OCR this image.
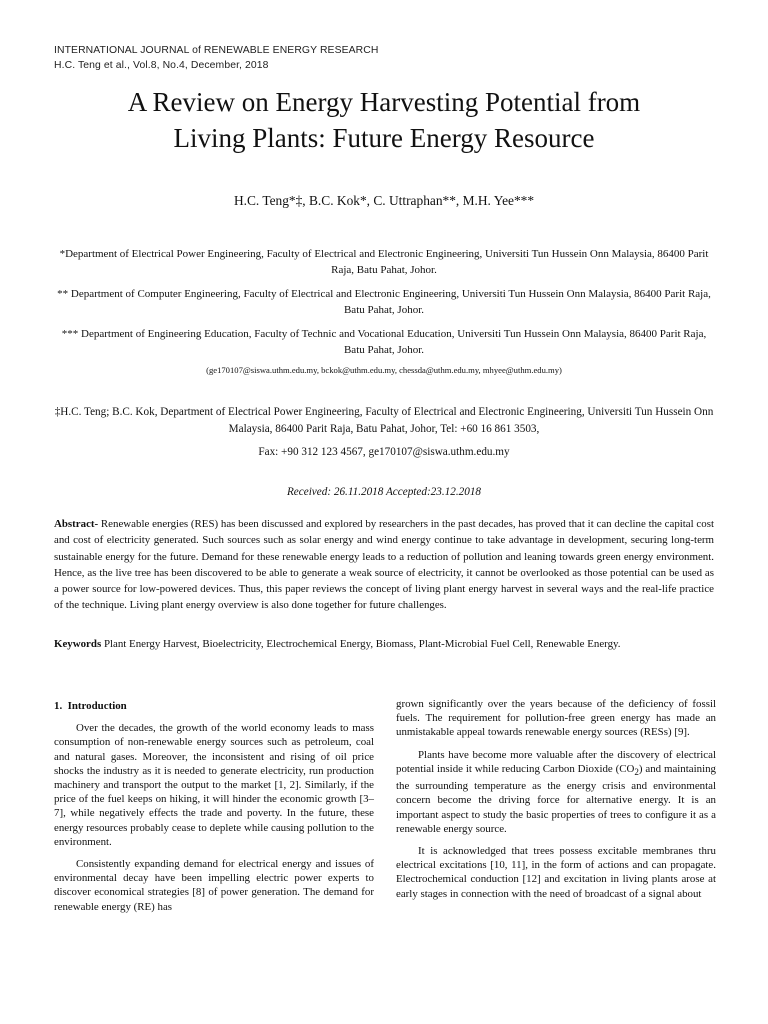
INTERNATIONAL JOURNAL of RENEWABLE ENERGY RESEARCH
H.C. Teng et al., Vol.8, No.4, December, 2018
A Review on Energy Harvesting Potential from
Living Plants: Future Energy Resource
H.C. Teng*‡, B.C. Kok*, C. Uttraphan**, M.H. Yee***
*Department of Electrical Power Engineering, Faculty of Electrical and Electronic Engineering, Universiti Tun Hussein Onn Malaysia, 86400 Parit Raja, Batu Pahat, Johor.
** Department of Computer Engineering, Faculty of Electrical and Electronic Engineering, Universiti Tun Hussein Onn Malaysia, 86400 Parit Raja, Batu Pahat, Johor.
*** Department of Engineering Education, Faculty of Technic and Vocational Education, Universiti Tun Hussein Onn Malaysia, 86400 Parit Raja, Batu Pahat, Johor.
(ge170107@siswa.uthm.edu.my, bckok@uthm.edu.my, chessda@uthm.edu.my, mhyee@uthm.edu.my)
‡H.C. Teng; B.C. Kok, Department of Electrical Power Engineering, Faculty of Electrical and Electronic Engineering, Universiti Tun Hussein Onn Malaysia, 86400 Parit Raja, Batu Pahat, Johor, Tel: +60 16 861 3503,
Fax: +90 312 123 4567, ge170107@siswa.uthm.edu.my
Received: 26.11.2018 Accepted:23.12.2018
Abstract- Renewable energies (RES) has been discussed and explored by researchers in the past decades, has proved that it can decline the capital cost and cost of electricity generated. Such sources such as solar energy and wind energy continue to take advantage in development, securing long-term sustainable energy for the future. Demand for these renewable energy leads to a reduction of pollution and leaning towards green energy environment. Hence, as the live tree has been discovered to be able to generate a weak source of electricity, it cannot be overlooked as those potential can be used as a power source for low-powered devices. Thus, this paper reviews the concept of living plant energy harvest in several ways and the real-life practice of the technique. Living plant energy overview is also done together for future challenges.
Keywords Plant Energy Harvest, Bioelectricity, Electrochemical Energy, Biomass, Plant-Microbial Fuel Cell, Renewable Energy.

1.  Introduction

Over the decades, the growth of the world economy leads to mass consumption of non-renewable energy sources such as petroleum, coal and natural gases. Moreover, the inconsistent and rising of oil price shocks the industry as it is needed to generate electricity, run production machinery and transport the output to the market [1, 2]. Similarly, if the price of the fuel keeps on hiking, it will hinder the economic growth [3–7], while negatively effects the trade and poverty. In the future, these energy resources probably cease to deplete while causing pollution to the environment.

Consistently expanding demand for electrical energy and issues of environmental decay have been impelling electric power experts to discover economical strategies [8] of power generation. The demand for renewable energy (RE) has

grown significantly over the years because of the deficiency of fossil fuels. The requirement for pollution-free green energy has made an unmistakable appeal towards renewable energy sources (RESs) [9].

Plants have become more valuable after the discovery of electrical potential inside it while reducing Carbon Dioxide $(CO_2)$ and maintaining the surrounding temperature as the energy crisis and environmental concern become the driving force for alternative energy. It is an important aspect to study the basic properties of trees to configure it as a renewable energy source.

It is acknowledged that trees possess excitable membranes thru electrical excitations [10, 11], in the form of actions and can propagate. Electrochemical conduction [12] and excitation in living plants arose at early stages in connection with the need of broadcast of a signal about
